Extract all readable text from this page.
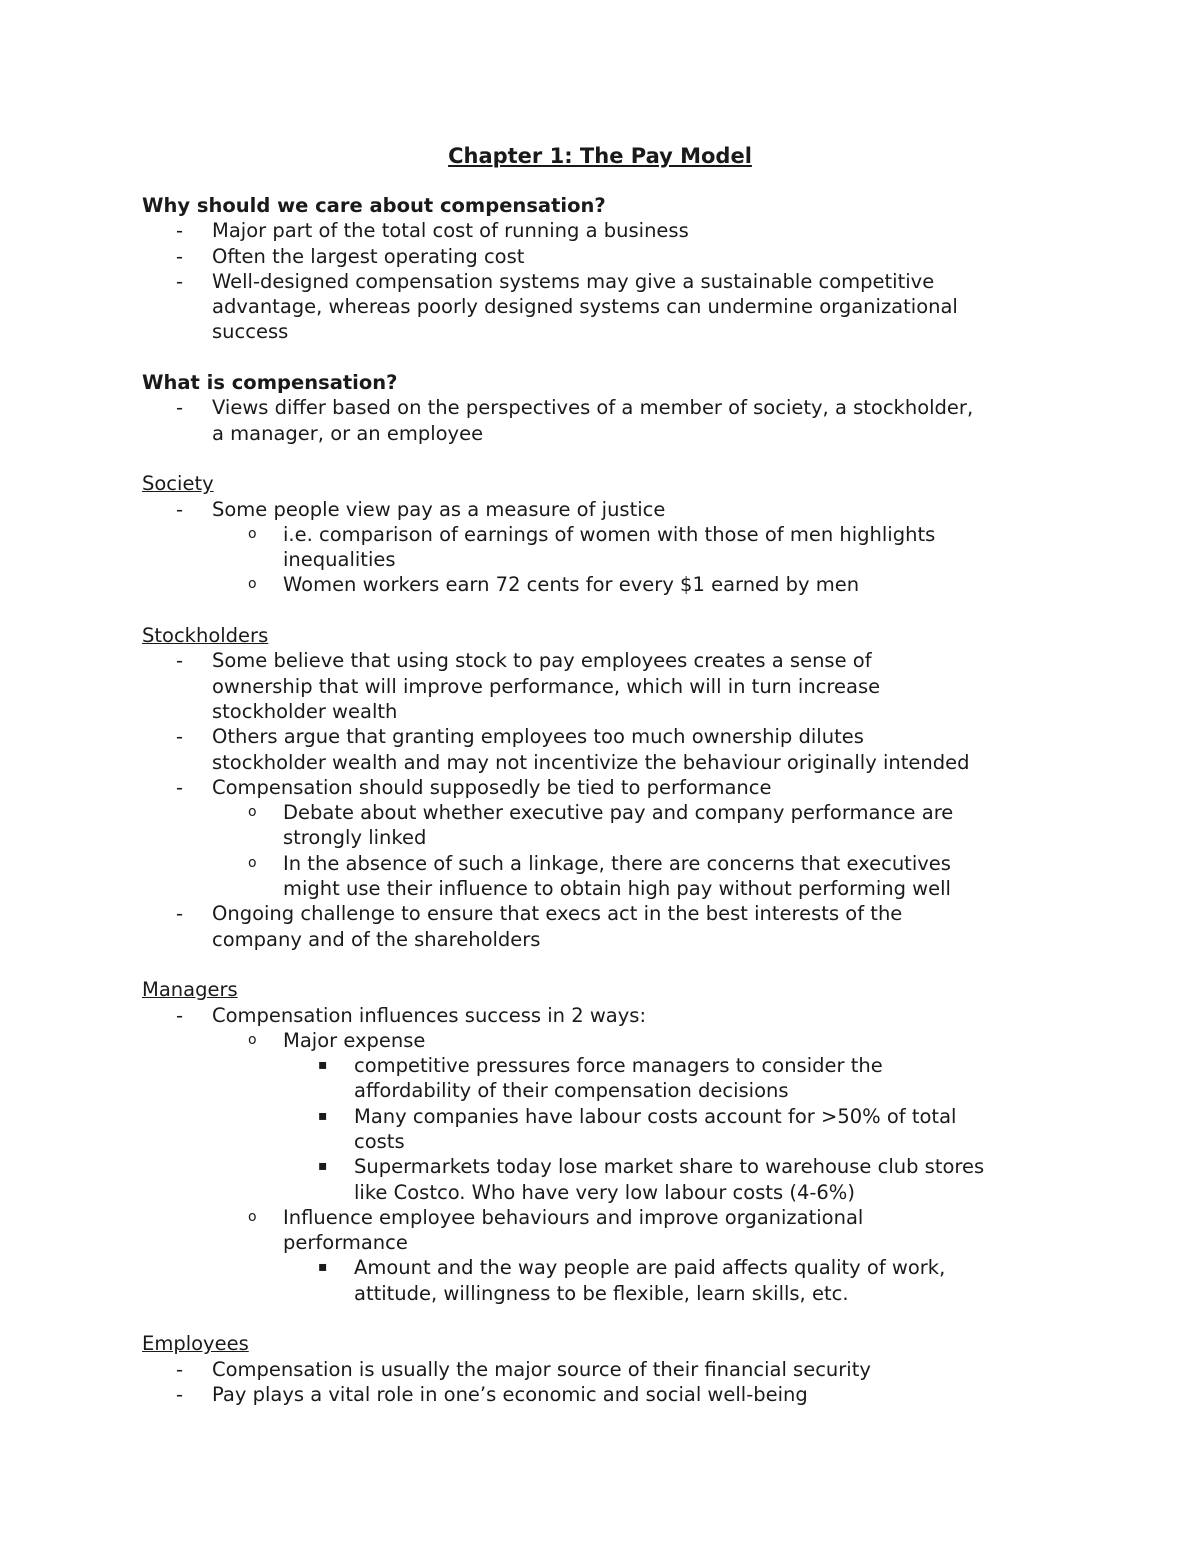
Chapter 1: The Pay Model
Why should we care about compensation?
- Major part of the total cost of running a business
- Often the largest operating cost
- Well-designed compensation systems may give a sustainable competitive
advantage, whereas poorly designed systems can undermine organizational
success
What is compensation?
- Views differ based on the perspectives of a member of society, a stockholder,
a manager, or an employee
Society
- Some people view pay as a measure of justice
o i.e. comparison of earnings of women with those of men highlights
inequalities
o Women workers earn 72 cents for every $1 earned by men
Stockholders
- Some believe that using stock to pay employees creates a sense of
ownership that will improve performance, which will in turn increase
stockholder wealth
- Others argue that granting employees too much ownership dilutes
stockholder wealth and may not incentivize the behaviour originally intended
- Compensation should supposedly be tied to performance
o Debate about whether executive pay and company performance are
strongly linked
o In the absence of such a linkage, there are concerns that executives
might use their influence to obtain high pay without performing well
- Ongoing challenge to ensure that execs act in the best interests of the
company and of the shareholders
Managers
- Compensation influences success in 2 ways:
o Major expense
▪ competitive pressures force managers to consider the
affordability of their compensation decisions
▪ Many companies have labour costs account for >50% of total
costs
▪ Supermarkets today lose market share to warehouse club stores
like Costco. Who have very low labour costs (4-6%)
o Influence employee behaviours and improve organizational
performance
▪ Amount and the way people are paid affects quality of work,
attitude, willingness to be flexible, learn skills, etc.
Employees
- Compensation is usually the major source of their financial security
- Pay plays a vital role in one’s economic and social well-being
